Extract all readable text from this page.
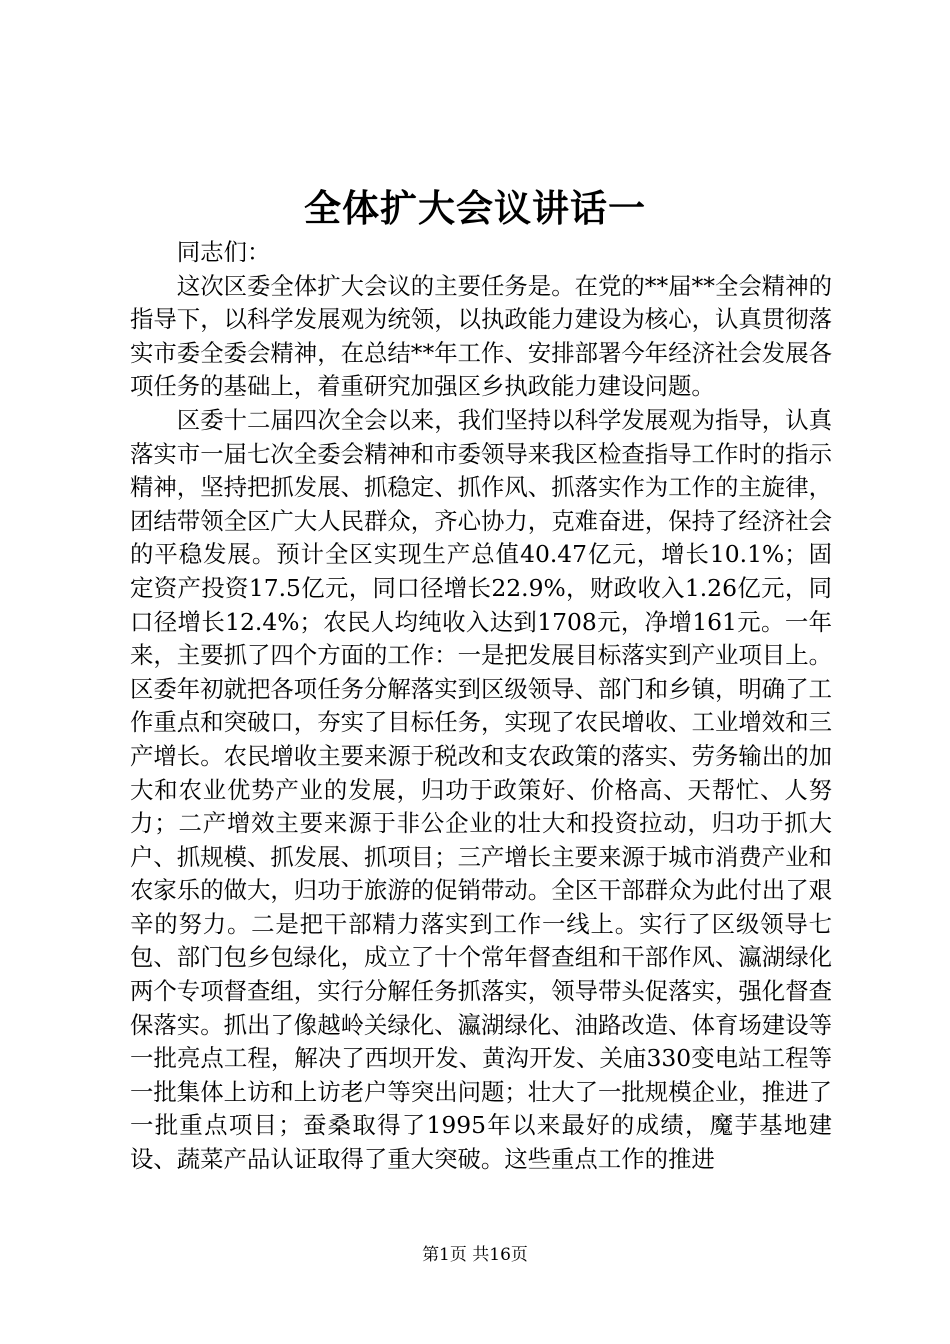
全体扩大会议讲话一

同志们：

这次区委全体扩大会议的主要任务是。在党的**届**全会精神的指导下，以科学发展观为统领，以执政能力建设为核心，认真贯彻落实市委全委会精神，在总结**年工作、安排部署今年经济社会发展各项任务的基础上，着重研究加强区乡执政能力建设问题。

区委十二届四次全会以来，我们坚持以科学发展观为指导，认真落实市一届七次全委会精神和市委领导来我区检查指导工作时的指示精神，坚持把抓发展、抓稳定、抓作风、抓落实作为工作的主旋律，团结带领全区广大人民群众，齐心协力，克难奋进，保持了经济社会的平稳发展。预计全区实现生产总值40.47亿元，增长10.1%；固定资产投资17.5亿元，同口径增长22.9%，财政收入1.26亿元，同口径增长12.4%；农民人均纯收入达到1708元，净增161元。一年来，主要抓了四个方面的工作：一是把发展目标落实到产业项目上。区委年初就把各项任务分解落实到区级领导、部门和乡镇，明确了工作重点和突破口，夯实了目标任务，实现了农民增收、工业增效和三产增长。农民增收主要来源于税改和支农政策的落实、劳务输出的加大和农业优势产业的发展，归功于政策好、价格高、天帮忙、人努力；二产增效主要来源于非公企业的壮大和投资拉动，归功于抓大户、抓规模、抓发展、抓项目；三产增长主要来源于城市消费产业和农家乐的做大，归功于旅游的促销带动。全区干部群众为此付出了艰辛的努力。二是把干部精力落实到工作一线上。实行了区级领导七包、部门包乡包绿化，成立了十个常年督查组和干部作风、瀛湖绿化两个专项督查组，实行分解任务抓落实，领导带头促落实，强化督查保落实。抓出了像越岭关绿化、瀛湖绿化、油路改造、体育场建设等一批亮点工程，解决了西坝开发、黄沟开发、关庙330变电站工程等一批集体上访和上访老户等突出问题；壮大了一批规模企业，推进了一批重点项目；蚕桑取得了1995年以来最好的成绩，魔芋基地建设、蔬菜产品认证取得了重大突破。这些重点工作的推进

第1页 共16页
